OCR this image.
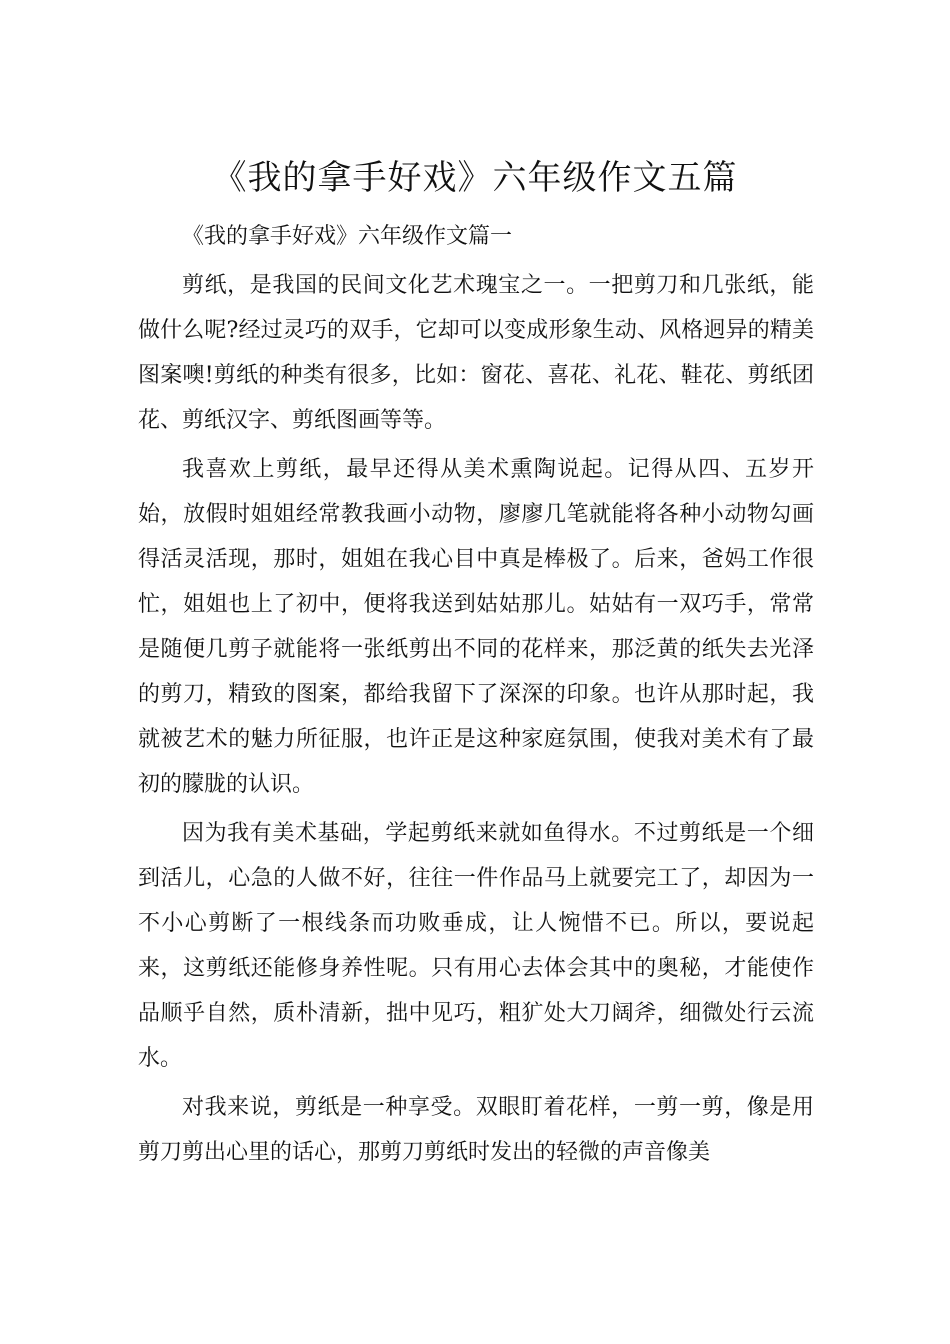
《我的拿手好戏》六年级作文五篇

《我的拿手好戏》六年级作文篇一

剪纸，是我国的民间文化艺术瑰宝之一。一把剪刀和几张纸，能做什么呢?经过灵巧的双手，它却可以变成形象生动、风格迥异的精美图案噢!剪纸的种类有很多，比如：窗花、喜花、礼花、鞋花、剪纸团花、剪纸汉字、剪纸图画等等。

我喜欢上剪纸，最早还得从美术熏陶说起。记得从四、五岁开始，放假时姐姐经常教我画小动物，廖廖几笔就能将各种小动物勾画得活灵活现，那时，姐姐在我心目中真是棒极了。后来，爸妈工作很忙，姐姐也上了初中，便将我送到姑姑那儿。姑姑有一双巧手，常常是随便几剪子就能将一张纸剪出不同的花样来，那泛黄的纸失去光泽的剪刀，精致的图案，都给我留下了深深的印象。也许从那时起，我就被艺术的魅力所征服，也许正是这种家庭氛围，使我对美术有了最初的朦胧的认识。

因为我有美术基础，学起剪纸来就如鱼得水。不过剪纸是一个细到活儿，心急的人做不好，往往一件作品马上就要完工了，却因为一不小心剪断了一根线条而功败垂成，让人惋惜不已。所以，要说起来，这剪纸还能修身养性呢。只有用心去体会其中的奥秘，才能使作品顺乎自然，质朴清新，拙中见巧，粗犷处大刀阔斧，细微处行云流水。

对我来说，剪纸是一种享受。双眼盯着花样，一剪一剪，像是用剪刀剪出心里的话心，那剪刀剪纸时发出的轻微的声音像美
